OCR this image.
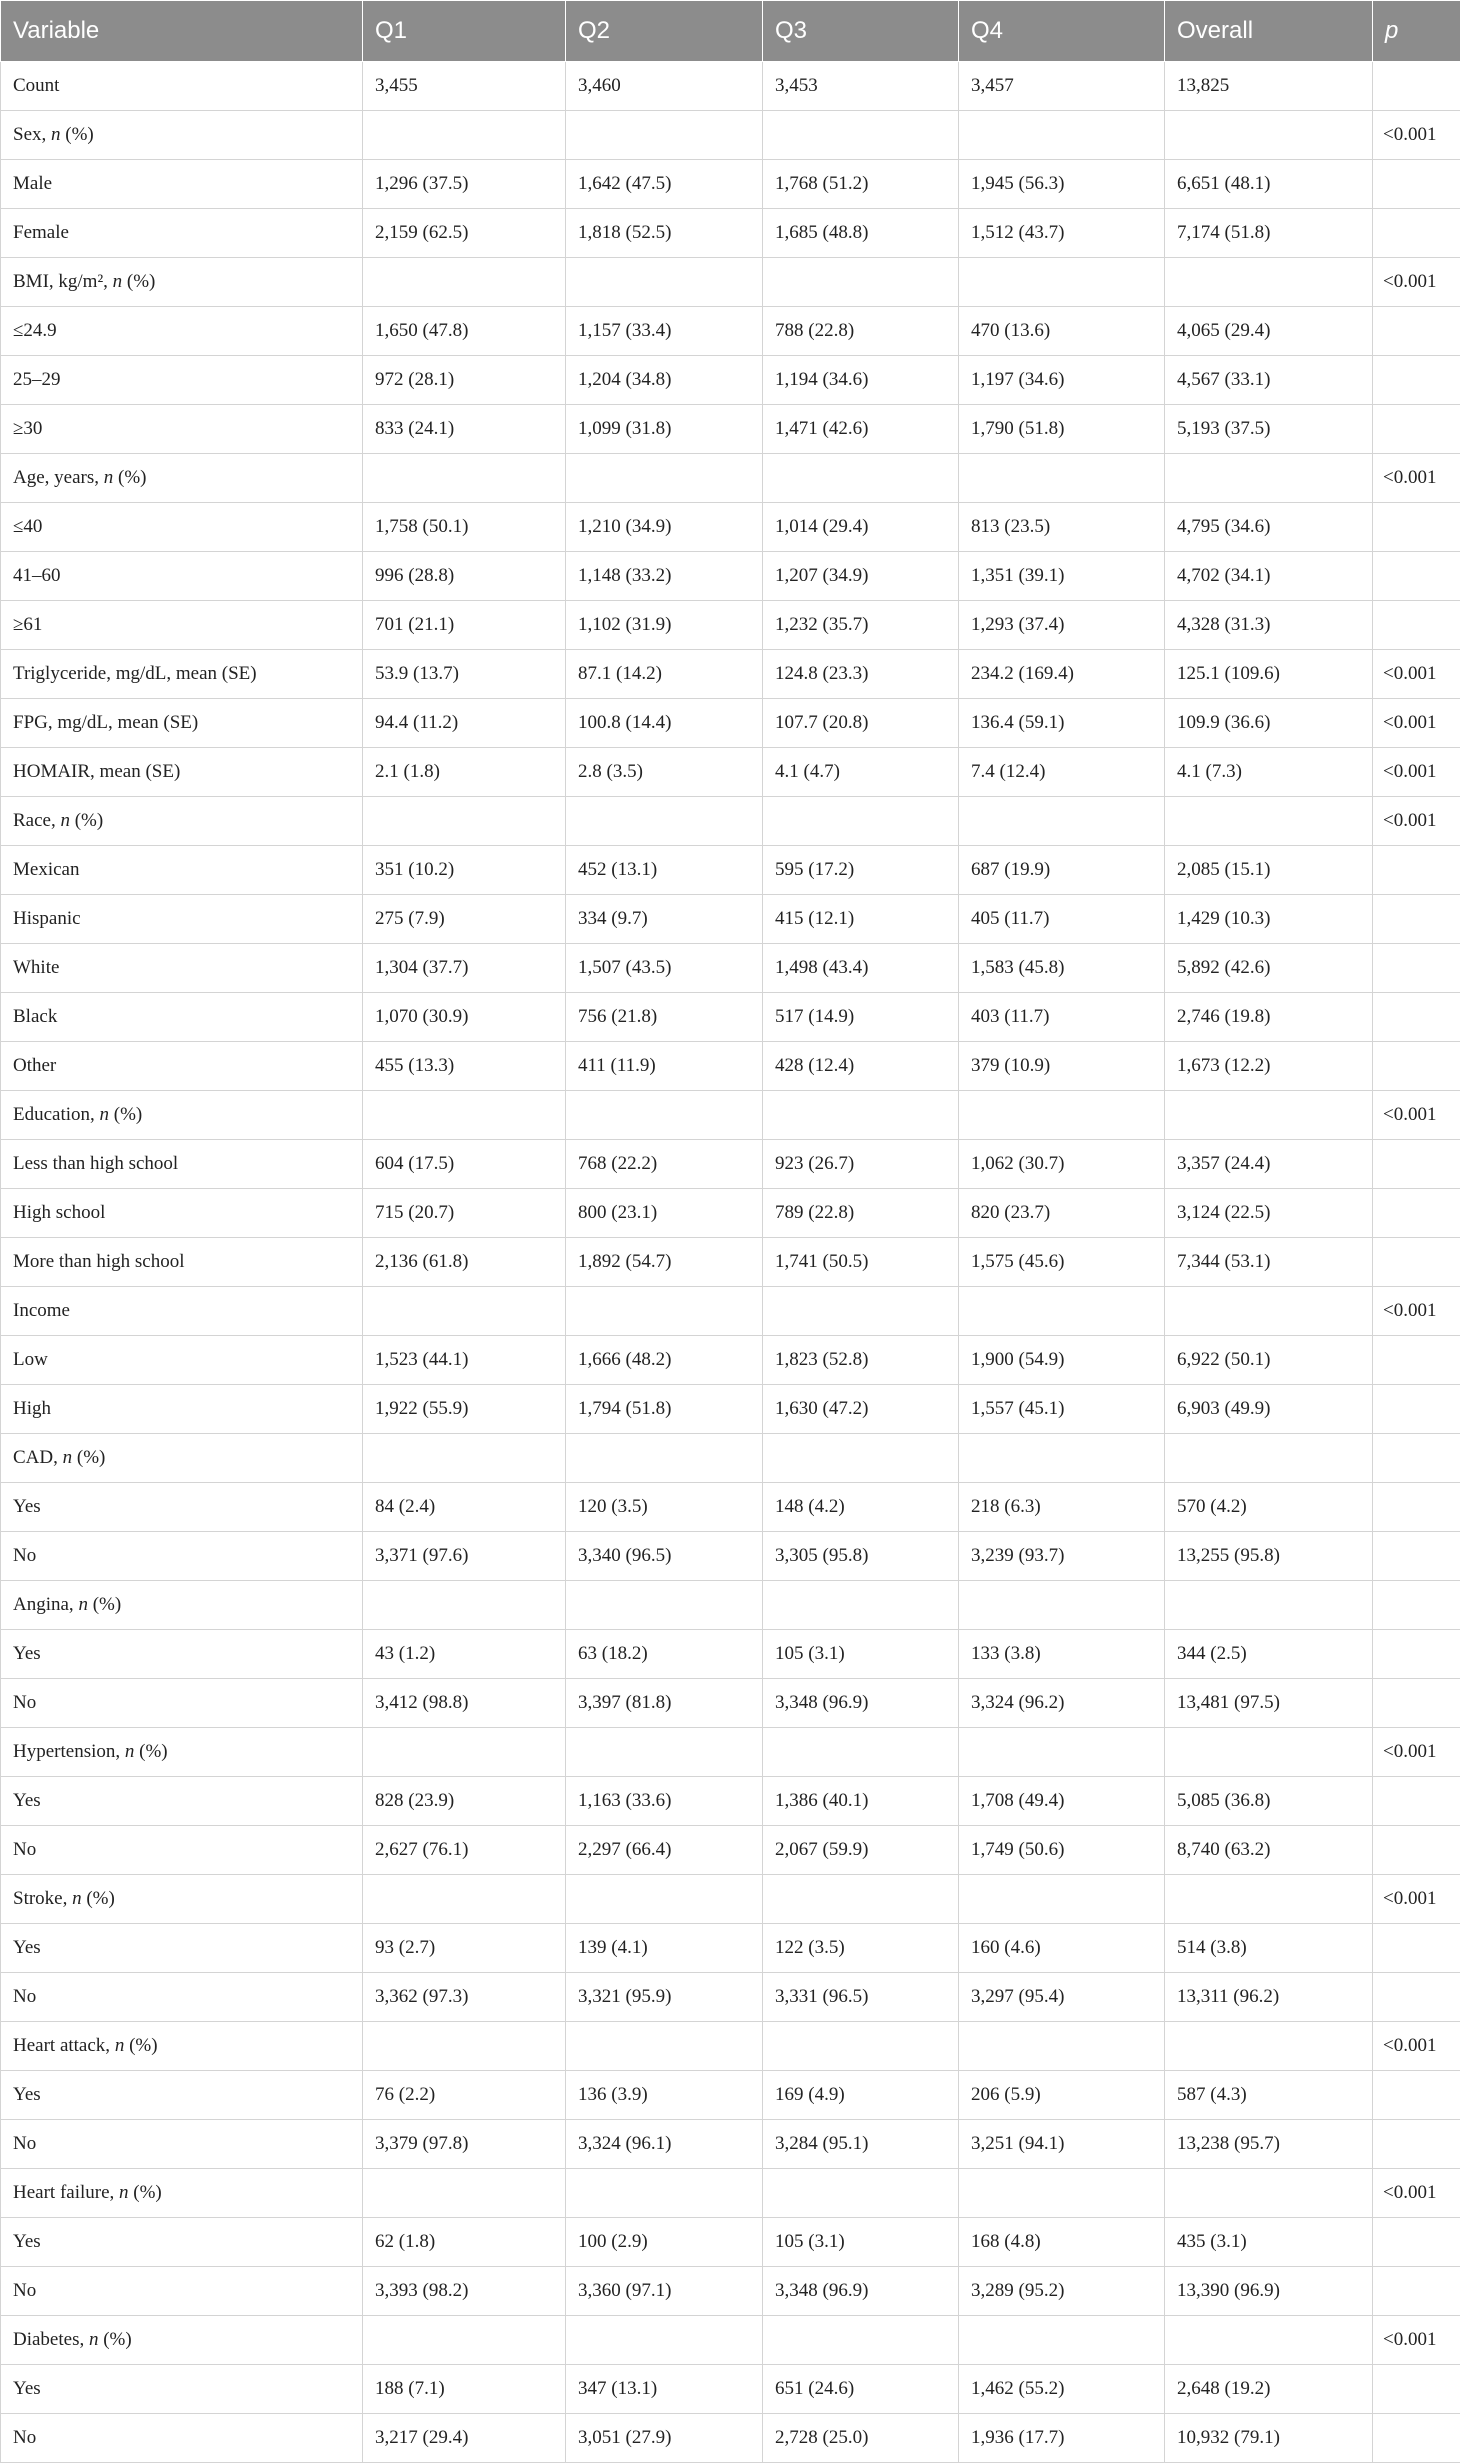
Variable	Q1	Q2	Q3	Q4	Overall	p
Count	3,455	3,460	3,453	3,457	13,825	
Sex, n (%)						<0.001
Male	1,296 (37.5)	1,642 (47.5)	1,768 (51.2)	1,945 (56.3)	6,651 (48.1)	
Female	2,159 (62.5)	1,818 (52.5)	1,685 (48.8)	1,512 (43.7)	7,174 (51.8)	
BMI, kg/m², n (%)						<0.001
≤24.9	1,650 (47.8)	1,157 (33.4)	788 (22.8)	470 (13.6)	4,065 (29.4)	
25–29	972 (28.1)	1,204 (34.8)	1,194 (34.6)	1,197 (34.6)	4,567 (33.1)	
≥30	833 (24.1)	1,099 (31.8)	1,471 (42.6)	1,790 (51.8)	5,193 (37.5)	
Age, years, n (%)						<0.001
≤40	1,758 (50.1)	1,210 (34.9)	1,014 (29.4)	813 (23.5)	4,795 (34.6)	
41–60	996 (28.8)	1,148 (33.2)	1,207 (34.9)	1,351 (39.1)	4,702 (34.1)	
≥61	701 (21.1)	1,102 (31.9)	1,232 (35.7)	1,293 (37.4)	4,328 (31.3)	
Triglyceride, mg/dL, mean (SE)	53.9 (13.7)	87.1 (14.2)	124.8 (23.3)	234.2 (169.4)	125.1 (109.6)	<0.001
FPG, mg/dL, mean (SE)	94.4 (11.2)	100.8 (14.4)	107.7 (20.8)	136.4 (59.1)	109.9 (36.6)	<0.001
HOMAIR, mean (SE)	2.1 (1.8)	2.8 (3.5)	4.1 (4.7)	7.4 (12.4)	4.1 (7.3)	<0.001
Race, n (%)						<0.001
Mexican	351 (10.2)	452 (13.1)	595 (17.2)	687 (19.9)	2,085 (15.1)	
Hispanic	275 (7.9)	334 (9.7)	415 (12.1)	405 (11.7)	1,429 (10.3)	
White	1,304 (37.7)	1,507 (43.5)	1,498 (43.4)	1,583 (45.8)	5,892 (42.6)	
Black	1,070 (30.9)	756 (21.8)	517 (14.9)	403 (11.7)	2,746 (19.8)	
Other	455 (13.3)	411 (11.9)	428 (12.4)	379 (10.9)	1,673 (12.2)	
Education, n (%)						<0.001
Less than high school	604 (17.5)	768 (22.2)	923 (26.7)	1,062 (30.7)	3,357 (24.4)	
High school	715 (20.7)	800 (23.1)	789 (22.8)	820 (23.7)	3,124 (22.5)	
More than high school	2,136 (61.8)	1,892 (54.7)	1,741 (50.5)	1,575 (45.6)	7,344 (53.1)	
Income						<0.001
Low	1,523 (44.1)	1,666 (48.2)	1,823 (52.8)	1,900 (54.9)	6,922 (50.1)	
High	1,922 (55.9)	1,794 (51.8)	1,630 (47.2)	1,557 (45.1)	6,903 (49.9)	
CAD, n (%)						
Yes	84 (2.4)	120 (3.5)	148 (4.2)	218 (6.3)	570 (4.2)	
No	3,371 (97.6)	3,340 (96.5)	3,305 (95.8)	3,239 (93.7)	13,255 (95.8)	
Angina, n (%)						
Yes	43 (1.2)	63 (18.2)	105 (3.1)	133 (3.8)	344 (2.5)	
No	3,412 (98.8)	3,397 (81.8)	3,348 (96.9)	3,324 (96.2)	13,481 (97.5)	
Hypertension, n (%)						<0.001
Yes	828 (23.9)	1,163 (33.6)	1,386 (40.1)	1,708 (49.4)	5,085 (36.8)	
No	2,627 (76.1)	2,297 (66.4)	2,067 (59.9)	1,749 (50.6)	8,740 (63.2)	
Stroke, n (%)						<0.001
Yes	93 (2.7)	139 (4.1)	122 (3.5)	160 (4.6)	514 (3.8)	
No	3,362 (97.3)	3,321 (95.9)	3,331 (96.5)	3,297 (95.4)	13,311 (96.2)	
Heart attack, n (%)						<0.001
Yes	76 (2.2)	136 (3.9)	169 (4.9)	206 (5.9)	587 (4.3)	
No	3,379 (97.8)	3,324 (96.1)	3,284 (95.1)	3,251 (94.1)	13,238 (95.7)	
Heart failure, n (%)						<0.001
Yes	62 (1.8)	100 (2.9)	105 (3.1)	168 (4.8)	435 (3.1)	
No	3,393 (98.2)	3,360 (97.1)	3,348 (96.9)	3,289 (95.2)	13,390 (96.9)	
Diabetes, n (%)						<0.001
Yes	188 (7.1)	347 (13.1)	651 (24.6)	1,462 (55.2)	2,648 (19.2)	
No	3,217 (29.4)	3,051 (27.9)	2,728 (25.0)	1,936 (17.7)	10,932 (79.1)	
